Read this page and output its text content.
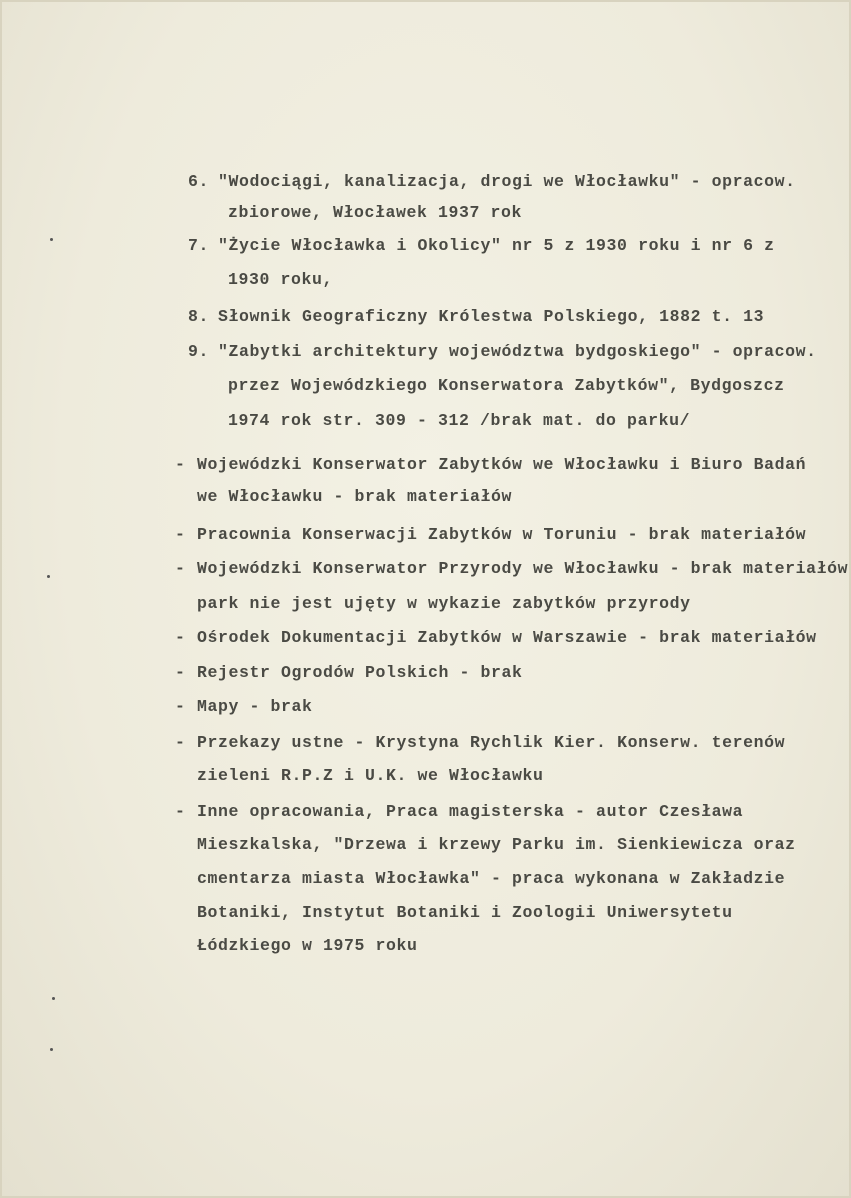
6. "Wodociągi, kanalizacja, drogi we Włocławku" - opracow.
zbiorowe, Włocławek 1937 rok
7. "Życie Włocławka i Okolicy" nr 5 z 1930 roku i nr 6 z
1930 roku,
8. Słownik Geograficzny Królestwa Polskiego, 1882 t. 13
9. "Zabytki architektury województwa bydgoskiego" - opracow.
przez Wojewódzkiego Konserwatora Zabytków", Bydgoszcz
1974 rok str. 309 - 312 /brak mat. do parku/
- Wojewódzki Konserwator Zabytków we Włocławku i Biuro Badań
we Włocławku - brak materiałów
- Pracownia Konserwacji Zabytków w Toruniu - brak materiałów
- Wojewódzki Konserwator Przyrody we Włocławku - brak materiałów
park nie jest ujęty w wykazie zabytków przyrody
- Ośrodek Dokumentacji Zabytków w Warszawie - brak materiałów
- Rejestr Ogrodów Polskich - brak
- Mapy - brak
- Przekazy ustne - Krystyna Rychlik Kier. Konserw. terenów
zieleni R.P.Z i U.K. we Włocławku
- Inne opracowania, Praca magisterska - autor Czesława
Mieszkalska, "Drzewa i krzewy Parku im. Sienkiewicza oraz
cmentarza miasta Włocławka" - praca wykonana w Zakładzie
Botaniki, Instytut Botaniki i Zoologii Uniwersytetu
Łódzkiego w 1975 roku
